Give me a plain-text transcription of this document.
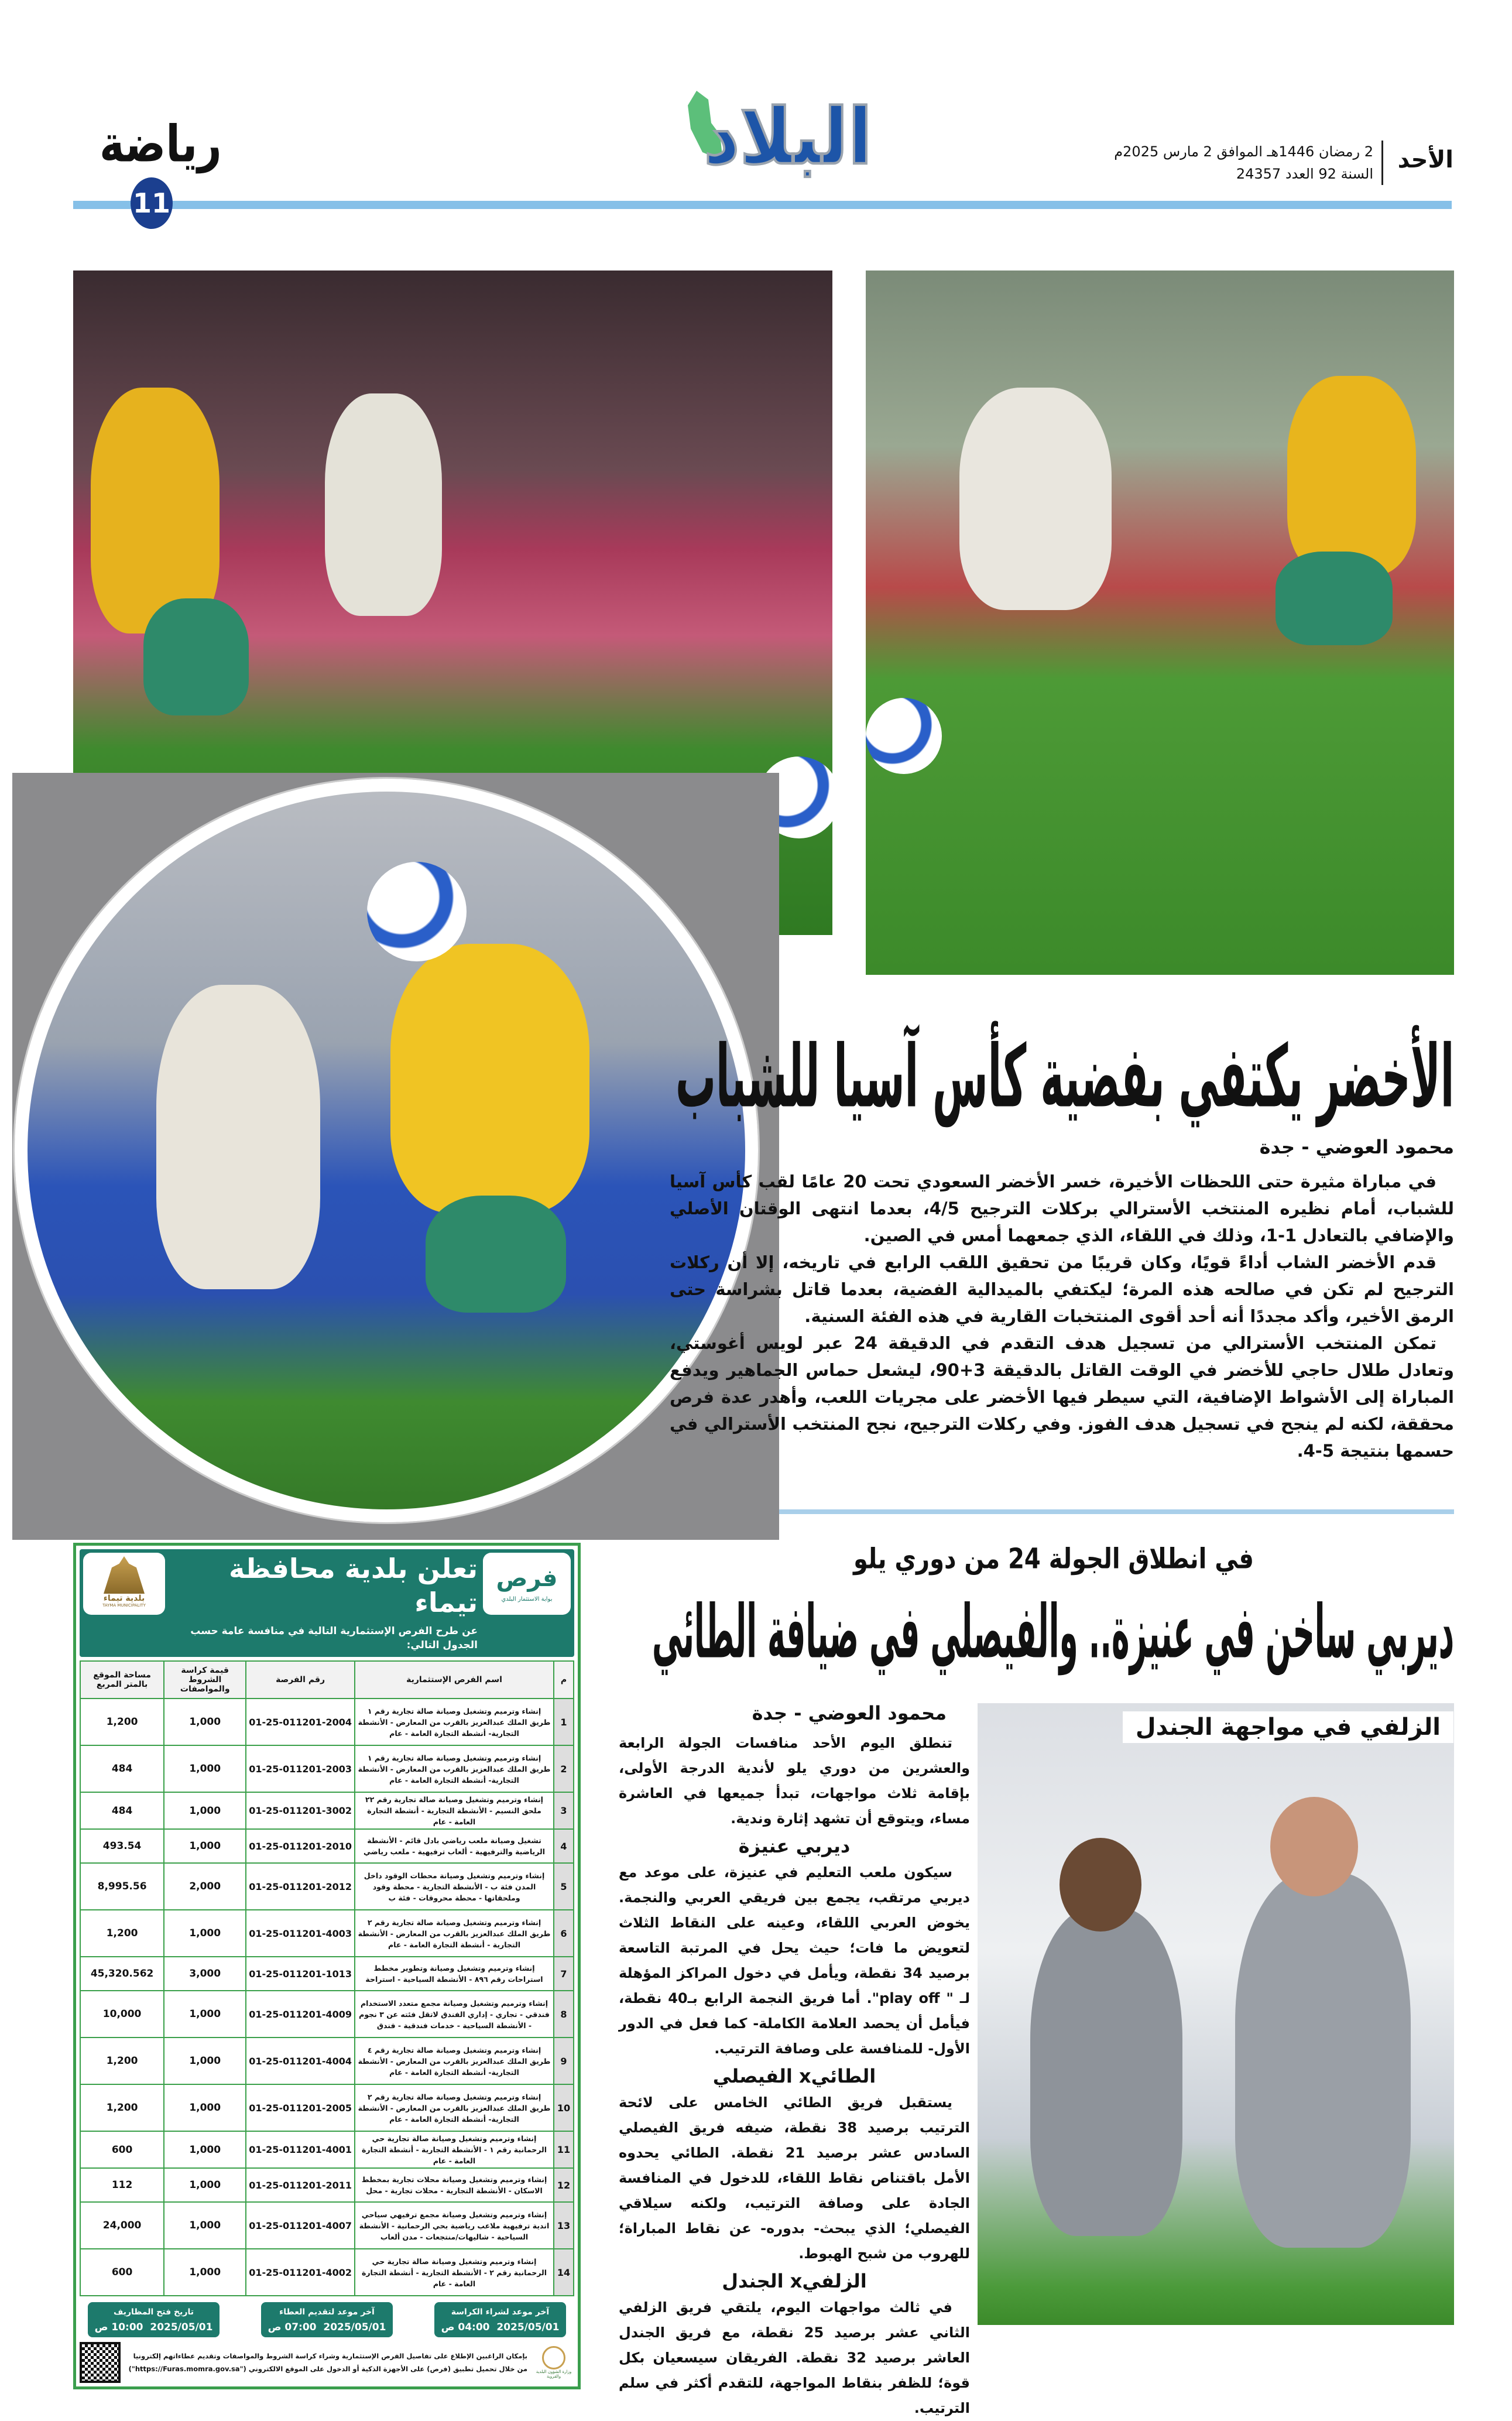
الأحد
2 رمضان 1446هـ الموافق 2 مارس 2025م
السنة 92 العدد 24357
البلاد
رياضة
11
الأخضر يكتفي بفضية كأس آسيا للشباب
محمود العوضي - جدة

في مباراة مثيرة حتى اللحظات الأخيرة، خسر الأخضر السعودي تحت 20 عامًا لقب كأس آسيا للشباب، أمام نظيره المنتخب الأسترالي بركلات الترجيح 4/5، بعدما انتهى الوقتان الأصلي والإضافي بالتعادل 1-1، وذلك في اللقاء، الذي جمعهما أمس في الصين.

قدم الأخضر الشاب أداءً قويًا، وكان قريبًا من تحقيق اللقب الرابع في تاريخه، إلا أن ركلات الترجيح لم تكن في صالحه هذه المرة؛ ليكتفي بالميدالية الفضية، بعدما قاتل بشراسة حتى الرمق الأخير، وأكد مجددًا أنه أحد أقوى المنتخبات القارية في هذه الفئة السنية.

تمكن المنتخب الأسترالي من تسجيل هدف التقدم في الدقيقة 24 عبر لويس أغوستي، وتعادل طلال حاجي للأخضر في الوقت القاتل بالدقيقة 3+90، ليشعل حماس الجماهير ويدفع المباراة إلى الأشواط الإضافية، التي سيطر فيها الأخضر على مجريات اللعب، وأهدر عدة فرص محققة، لكنه لم ينجح في تسجيل هدف الفوز. وفي ركلات الترجيح، نجح المنتخب الأسترالي في حسمها بنتيجة 5-4.

فرص
بوابة الاستثمار البلدي
تعلن بلدية محافظة تيماء
عن طرح الفرص الإستثمارية التالية في منافسة عامة حسب الجدول التالي:
بلدية تيماء
TAYMA MUNICIPALITY
م	اسم الفرص الإستثمارية	رقم الفرصة	قيمة كراسة الشروط والمواصفات	مساحة الموقع بالمتر المربع
1	إنشاء وترميم وتشغيل وصيانة صالة تجارية رقم ١ طريق الملك عبدالعزيز بالقرب من المعارض - الأنشطة التجارية- أنشطة التجارة العامة - عام	01-25-011201-2004	1,000	1,200
2	إنشاء وترميم وتشغيل وصيانة صالة تجارية رقم ١ طريق الملك عبدالعزيز بالقرب من المعارض - الأنشطة التجارية- أنشطة التجارة العامة - عام	01-25-011201-2003	1,000	484
3	إنشاء وترميم وتشغيل وصيانة صالة تجارية رقم ٢٢ ملحق النسيم - الأنشطة التجارية - أنشطة التجارة العامة - عام	01-25-011201-3002	1,000	484
4	تشغيل وصيانة ملعب رياضي بادل قائم - الأنشطة الرياضية والترفيهية - ألعاب ترفيهية - ملعب رياضي	01-25-011201-2010	1,000	493.54
5	إنشاء وترميم وتشغيل وصيانة محطات الوقود داخل المدن فئة ب - الأنشطة التجارية - محطة وقود وملحقاتها - محطة محروقات - فئة ب	01-25-011201-2012	2,000	8,995.56
6	إنشاء وترميم وتشغيل وصيانة صالة تجارية رقم ٢ طريق الملك عبدالعزيز بالقرب من المعارض - الأنشطة التجارية - أنشطة التجارة العامة - عام	01-25-011201-4003	1,000	1,200
7	إنشاء وترميم وتشغيل وصيانة وتطوير مخطط استراحات رقم ٨٩٦ - الأنشطة السياحية - استراحة	01-25-011201-1013	3,000	45,320.562
8	إنشاء وترميم وتشغيل وصيانة مجمع متعدد الاستخدام فندقي - تجاري - إداري الفندق لاتقل فئته عن ٣ نجوم - الأنشطة السياحية - خدمات فندقية - فندق	01-25-011201-4009	1,000	10,000
9	إنشاء وترميم وتشغيل وصيانة صالة تجارية رقم ٤ طريق الملك عبدالعزيز بالقرب من المعارض - الأنشطة التجارية- أنشطة التجارة العامة - عام	01-25-011201-4004	1,000	1,200
10	إنشاء وترميم وتشغيل وصيانة صالة تجارية رقم ٢ طريق الملك عبدالعزيز بالقرب من المعارض - الأنشطة التجارية- أنشطة التجارة العامة - عام	01-25-011201-2005	1,000	1,200
11	إنشاء وترميم وتشغيل وصيانة صالة تجارية حي الرحمانية رقم ١ - الأنشطة التجارية - أنشطة التجارة العامة - عام	01-25-011201-4001	1,000	600
12	إنشاء وترميم وتشغيل وصيانة محلات تجارية بمخطط الاسكان - الأنشطة التجارية - محلات تجارية - محل	01-25-011201-2011	1,000	112
13	إنشاء وترميم وتشغيل وصيانة مجمع ترفيهي سياحي اندية ترفيهية ملاعب رياضية بحي الرحمانية - الأنشطة السياحية - شاليهات/منتجعات - مدن ألعاب	01-25-011201-4007	1,000	24,000
14	إنشاء وترميم وتشغيل وصيانة صالة تجارية حي الرحمانية رقم ٢ - الأنشطة التجارية - أنشطة التجارة العامة - عام	01-25-011201-4002	1,000	600
آخر موعد لشراء الكراسة
2025/05/01  04:00 ص
آخر موعد لتقديم العطاء
2025/05/01  07:00 ص
تاريخ فتح المظاريف
2025/05/01  10:00 ص
وزارة الشؤون البلدية والقروية
بإمكان الراغبين الإطلاع على تفاصيل الفرص الإستثمارية وشراء كراسة الشروط والمواصفات وتقديم عطاءاتهم إلكترونيا من خلال تحميل تطبيق (فرص) على الأجهزة الذكية أو الدخول على الموقع الالكتروني ("https://Furas.momra.gov.sa")
في انطلاق الجولة 24 من دوري يلو
ديربي ساخن في عنيزة.. والفيصلي في ضيافة الطائي
محمود العوضي - جدة

تنطلق اليوم الأحد منافسات الجولة الرابعة والعشرين من دوري يلو لأندية الدرجة الأولى، بإقامة ثلاث مواجهات، تبدأ جميعها في العاشرة مساء، ويتوقع أن تشهد إثارة وندية.

ديربي عنيزة

سيكون ملعب التعليم في عنيزة، على موعد مع ديربي مرتقب، يجمع بين فريقي العربي والنجمة. يخوض العربي اللقاء، وعينه على النقاط الثلاث لتعويض ما فات؛ حيث يحل في المرتبة التاسعة برصيد 34 نقطة، ويأمل في دخول المراكز المؤهلة لـ " play off". أما فريق النجمة الرابع بـ40 نقطة، فيأمل أن يحصد العلامة الكاملة- كما فعل في الدور الأول- للمنافسة على وصافة الترتيب.

الطائيx الفيصلي

يستقبل فريق الطائي الخامس على لائحة الترتيب برصيد 38 نقطة، ضيفه فريق الفيصلي السادس عشر برصيد 21 نقطة. الطائي يحدوه الأمل باقتناص نقاط اللقاء، للدخول في المنافسة الجادة على وصافة الترتيب، ولكنه سيلاقي الفيصلي؛ الذي يبحث- بدوره- عن نقاط المباراة؛ للهروب من شبح الهبوط.

الزلفيx الجندل

في ثالث مواجهات اليوم، يلتقي فريق الزلفي الثاني عشر برصيد 25 نقطة، مع فريق الجندل العاشر برصيد 32 نقطة. الفريقان سيسعيان بكل قوة؛ للظفر بنقاط المواجهة، للتقدم أكثر في سلم الترتيب.

الزلفي في مواجهة الجندل
